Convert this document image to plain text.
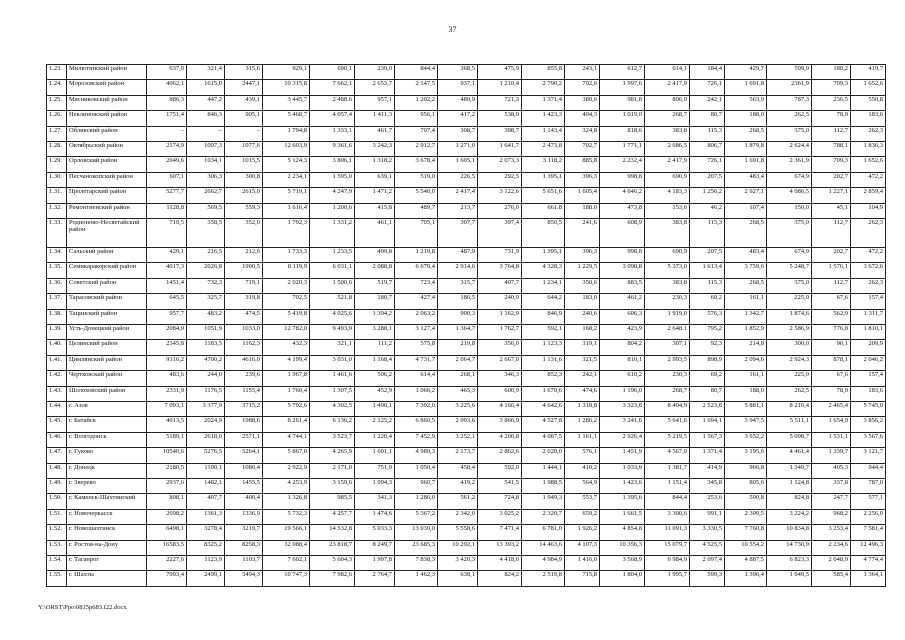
37
1.23.	Милютинский район	637,0	321,4	315,6	929,1	690,1	239,0	844,4	368,5	475,9	855,8	243,1	612,7	614,1	184,4	429,7	599,9	180,2	419,7
1.24.	Морозовский район	4062,1	1615,0	2447,1	10 315,8	7 662,1	2 653,7	2 147,5	937,1	1 210,4	2 790,2	792,6	1 997,6	2 417,9	726,1	1 691,8	2361,9	709,3	1 652,6
1.25.	Мясниковский район	886,3	447,2	439,1	3 445,7	2 488.6	957,1	1 202,2	480,9	721,3	1 371,4	389,6	981,8	806,0	242,1	563,9	787,3	236,5	550,8
1.26.	Неклиновский район	1751,4	846,3	905,1	5 468,7	4 057,4	1 411,3	956,1	417,2	538,9	1 423,3	404,3	1 019,0	268,7	80,7	188,0	262,5	78,9	183,6
1.27.	Обливский район	–	–	–	1 794,8	1 333,1	461,7	707,4	308,7	398,7	1 143,4	324,8	818,6	383,8	115,3	268,5	375,0	112,7	262,3
1.28.	Октябрьский район	2174,9	1097,3	1077,6	12 603,9	9 361,6	3 242,3	2 912,7	1 271,0	1 641,7	2 473,8	702,7	1 771,1	2 686,5	806,7	1 879,8	2 624,4	788,1	1 836,3
1.29.	Орловский район	2049,6	1034,1	1015,5	5 124,3	3 806,1	1 318,2	3 678,4	1 605,1	2 073,3	3 118,2	885,8	2 232,4	2 417,9	726,1	1 691,8	2 361,9	709,3	1 652,6
1.30.	Песчанокопский район	607,1	306,3	300,8	2 234,1	1 595,0	639,1	519,0	226,5	292,5	1 395,1	396,3	998,8	690,9	207,5	483,4	674,9	202,7	472,2
1.31.	Пролетарский район	5277,7	2662,7	2615,0	5 719,1	4 247,9	1 471,2	5 540,0	2 417,4	3 122,6	5 651,6	1 605,4	4 046,2	4 183,3	1 256,2	2 927,1	4 086,5	1 227,1	2 859,4
1.32.	Ремонтненский район	1128,8	569,5	559,3	1 616,4	1 200,6	415,8	489,7	213,7	276,0	661.8	188.0	473,8	153,6	46,2	107,4	150,0	45,1	104,9
1.33.	Родионово-Несветайский район	710,5	358,5	352,0	1 792,3	1 331,2	461,1	705,1	307,7	397,4	850,5	241,6	608,9	383,8	115,3	268,5	375,0	112,7	262,3
1.34.	Сальский район	429,1	216,5	212,6	1 733,3	1 233,5	499,8	1 219,8	487,9	731,9	1 395,1	396,3	998,8	690,9	207,5	483,4	674,9	202,7	472,2
1.35.	Семикаракорский район	4017,3	2026,8	1990,5	8 119,9	6 031,1	2 088,8	6 679,4	2 914,6	3 764,8	4 328,3	1 229,5	3 098,8	5 373,0	1 613,4	3 759,6	5 248,7	1 576,1	3 672,6
1.36.	Советский район	1451,4	732,3	719,1	2 020,3	1 500,6	519,7	723,4	315,7	407,7	1 234,1	350,6	883,5	383,8	115,3	268,5	375,0	112,7	262,3
1.37.	Тарасовский район	645,5	325,7	319,8	702,5	521,8	180,7	427,4	186,5	240,9	644,2	183,0	461,2	230,3	69,2	161,1	225,0	67,6	157,4
1.38.	Тацинский район	957,7	483,2	474,5	5 419,8	4 025,6	1 394,2	2 063,2	900,3	1 162,9	846,9	240,6	606,3	1 919,0	576,3	1 342,7	1 874,6	562,9	1 311,7
1.39.	Усть-Донецкий район	2084,9	1051,9	1033,0	12 782,0	9 493,9	3 288,1	3 127,4	1 364,7	1 762,7	592,1	168,2	423,9	2 648.1	795,2	1 852,9	2 586,9	776,8	1 810,1
1.40.	Целинский район	2345,8	1183,5	1162,3	432,3	321,1	111,2	575,8	219,8	356,0	1 123,3	319,1	804,2	307,1	92,3	214,8	300,0	90,1	209,9
1.41.	Цимлянский район	9316,2	4700,2	4616,0	4 199,4	3 031,0	1 168,4	4 731,7	2 064,7	2 667,0	1 131,6	321,5	810,1	2 993,5	898,9	2 094,6	2 924,3	878,1	2 046,2
1.42.	Чертковский район	483,6	244,0	239,6	1 967,8	1 461,6	506,2	614,4	268,1	346,3	852,3	242,1	610,2	230,3	69,2	161,1	225,0	67,6	157,4
1.43.	Шолоховский район	2331,9	1176,5	1155,4	1 760,4	1 307,5	452,9	1 066,2	465,3	600,9	1 670,6	474,6	1 196,0	268,7	80,7	188,0	262,5	78,9	183,6
1.44.	г. Азов	7 093,1	3 377,9	3715,2	5 792,6	4 302,5	1 490,1	7 392,0	3 225,6	4 166,4	4 642,6	1 318,8	3 323,8	8 404,9	2 523,8	5 881,1	8 210,4	2 465,4	5 745,0
1.45.	г. Батайск	4013,5	2024,9	1988,6	8 261,4	6 136,2	2 125,2	6 860,5	2 993,6	3 866,9	4 527,8	1 286,2	3 241,6	5 641,6	1 694,1	3 947,5	5 511,1	1 654,9	3 856,2
1.46.	г. Волгодонск	5189,1	2618,0	2571,1	4 744,1	3 523,7	1 220,4	7 452,9	3 252,1	4 200,8	4 087,5	1 161,1	2 926,4	5 219,5	1 567,3	3 652,2	5 098,7	1 531,1	3 567,6
1.47.	г. Гуково	10540,6	5276,5	5264,1	5 867,0	4 265,9	1 601,1	4 980,3	2 173,7	2 862,6	2 028,0	576,1	1 451,9	4 567,0	1 371,4	3 195,6	4 461,4	1 339,7	3 121,7
1.48.	г. Донецк	2180,5	1100,1	1080,4	2 922,9	2 171,0	751,9	1 050,4	458,4	592,0	1 444,1	410,2	1 033,9	1 381,7	414,9	966,8	1 349,7	405,3	944,4
1.49.	г. Зверево	2937,6	1482,1	1455,5	4 253,9	3 159,6	1 094,3	960,7	419,2	541,5	1 988,5	564,9	1 423,6	1 151,4	345,8	805,6	1 124,8	337,8	787,0
1.50.	г. Каменск-Шахтинский	808,1	407,7	400,4	1 326,8	985,5	341,3	1 286,0	561,2	724,8	1 949,3	553,7	1 395,6	844,4	253,6	590,8	824,8	247,7	577,1
1.51.	г. Новочеркасск	2698,2	1361,3	1336,9	5 732,3	4 257,7	1 474,6	5 367,2	2 342,0	3 025,2	2 320,7	659,2	1 661,5	3 300,6	991,1	2 309,5	3 224,2	968,2	2 256,0
1.52.	г. Новошахтинск	6498,1	3278,4	3219,7	19 566,1	14 532,8	5 033,3	13 030,0	5 558,6	7 471,4	6 781,0	1 926,2	4 854,8	11 091,3	3 330,5	7 760,8	10 834,8	3 253,4	7 581,4
1.53.	г. Ростов-на-Дону	16583,5	8325,2	8258,3	32 088,4	23 818,7	8 249,7	23 685,3	10 292,1	13 393,2	14 463,6	4 107,3	10 356,3	15 079,7	4 525,5	10 554,2	14 730,9	2 234,6	12 496,3
1.54.	г. Таганрог	2227,6	1123,9	1103,7	7 602,1	5 604,3	1 997,8	7 838,3	3 420,3	4 418,6	4 984,9	1 416,0	3 568,9	6 984,9	2 097,4	4 887,5	6 823,3	2 048,9	4 774,4
1.55.	г. Шахты	7993,4	2499,1	5494,3	10 747,3	7 982,6	2 764,7	1 462,3	638,1	824,2	2 519,8	715,8	1 804,0	1 995,7	599,3	1 396,4	1 949,5	585,4	1 364,1
Y:\ORST\Ppo\0815p683.f22.docx
